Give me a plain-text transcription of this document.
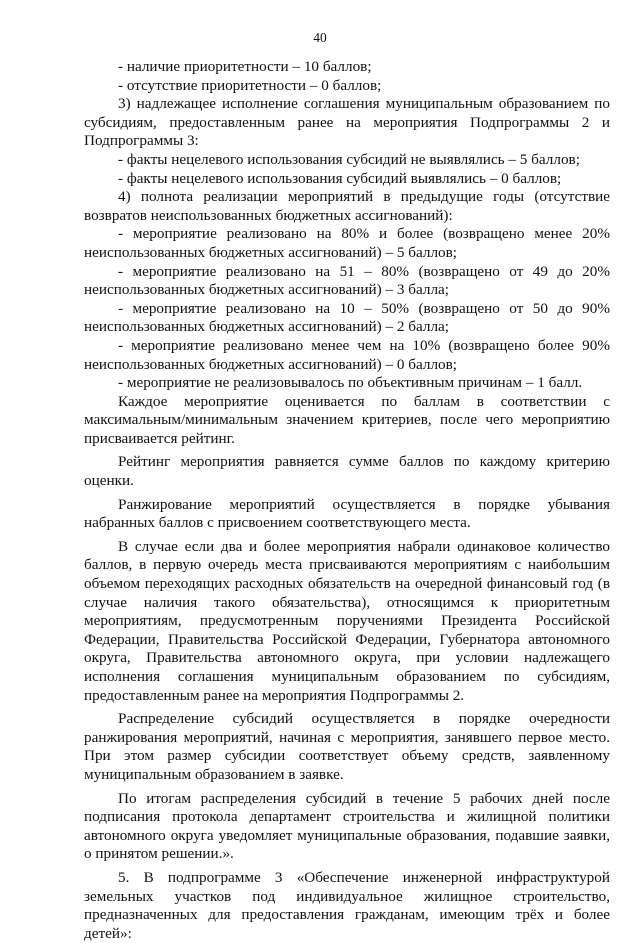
40

- наличие приоритетности – 10 баллов;

- отсутствие приоритетности – 0 баллов;

3) надлежащее исполнение соглашения муниципальным образованием по субсидиям, предоставленным ранее на мероприятия Подпрограммы 2 и Подпрограммы 3:

- факты нецелевого использования субсидий не выявлялись – 5 баллов;

- факты нецелевого использования субсидий выявлялись – 0 баллов;

4) полнота реализации мероприятий в предыдущие годы (отсутствие возвратов неиспользованных бюджетных ассигнований):

- мероприятие реализовано на 80% и более (возвращено менее 20% неиспользованных бюджетных ассигнований) – 5 баллов;

- мероприятие реализовано на 51 – 80% (возвращено от 49 до 20% неиспользованных бюджетных ассигнований) – 3 балла;

- мероприятие реализовано на 10 – 50% (возвращено от 50 до 90% неиспользованных бюджетных ассигнований) – 2 балла;

- мероприятие реализовано менее чем на 10% (возвращено более 90% неиспользованных бюджетных ассигнований) – 0 баллов;

- мероприятие не реализовывалось по объективным причинам – 1 балл.

Каждое мероприятие оценивается по баллам в соответствии с максимальным/минимальным значением критериев, после чего мероприятию присваивается рейтинг.

Рейтинг мероприятия равняется сумме баллов по каждому критерию оценки.

Ранжирование мероприятий осуществляется в порядке убывания набранных баллов с присвоением соответствующего места.

В случае если два и более мероприятия набрали одинаковое количество баллов, в первую очередь места присваиваются мероприятиям с наибольшим объемом переходящих расходных обязательств на очередной финансовый год (в случае наличия такого обязательства), относящимся к приоритетным мероприятиям, предусмотренным поручениями Президента Российской Федерации, Правительства Российской Федерации, Губернатора автономного округа, Правительства автономного округа, при условии надлежащего исполнения соглашения муниципальным образованием по субсидиям, предоставленным ранее на мероприятия Подпрограммы 2.

Распределение субсидий осуществляется в порядке очередности ранжирования мероприятий, начиная с мероприятия, занявшего первое место. При этом размер субсидии соответствует объему средств, заявленному муниципальным образованием в заявке.

По итогам распределения субсидий в течение 5 рабочих дней после подписания протокола департамент строительства и жилищной политики автономного округа уведомляет муниципальные образования, подавшие заявки, о принятом решении.».

5. В подпрограмме 3 «Обеспечение инженерной инфраструктурой земельных участков под индивидуальное жилищное строительство, предназначенных для предоставления гражданам, имеющим трёх и более детей»:
